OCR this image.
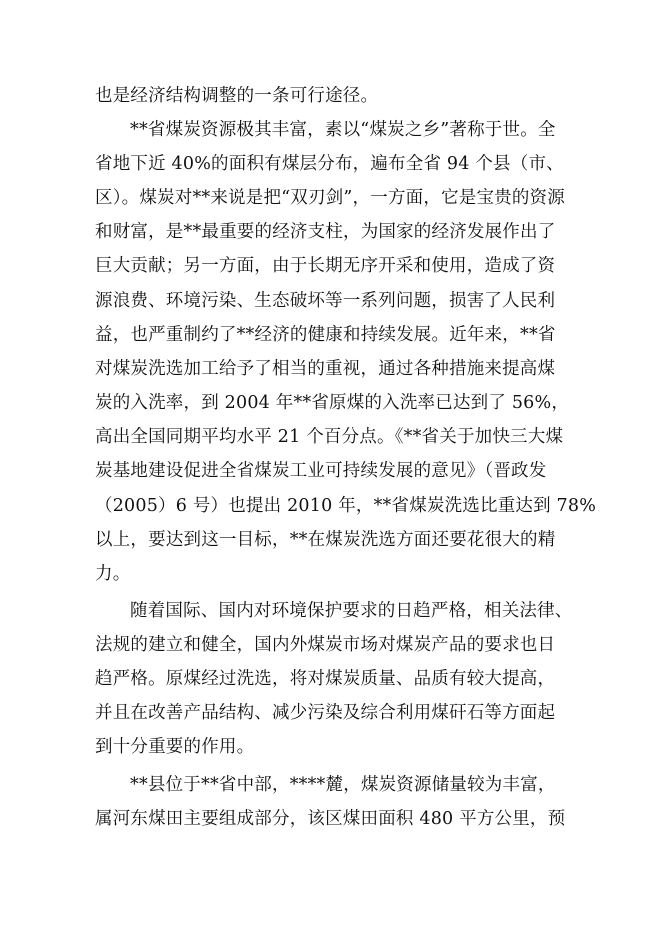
也是经济结构调整的一条可行途径。
**省煤炭资源极其丰富，素以“煤炭之乡”著称于世。全
省地下近 40%的面积有煤层分布，遍布全省 94 个县（市、
区）。煤炭对**来说是把“双刃剑”，一方面，它是宝贵的资源
和财富，是**最重要的经济支柱，为国家的经济发展作出了
巨大贡献；另一方面，由于长期无序开采和使用，造成了资
源浪费、环境污染、生态破坏等一系列问题，损害了人民利
益，也严重制约了**经济的健康和持续发展。近年来，**省
对煤炭洗选加工给予了相当的重视，通过各种措施来提高煤
炭的入洗率，到 2004 年**省原煤的入洗率已达到了 56%，
高出全国同期平均水平 21 个百分点。《**省关于加快三大煤
炭基地建设促进全省煤炭工业可持续发展的意见》（晋政发
（2005）6 号）也提出 2010 年，**省煤炭洗选比重达到 78%
以上，要达到这一目标，**在煤炭洗选方面还要花很大的精
力。
随着国际、国内对环境保护要求的日趋严格，相关法律、
法规的建立和健全，国内外煤炭市场对煤炭产品的要求也日
趋严格。原煤经过洗选，将对煤炭质量、品质有较大提高，
并且在改善产品结构、减少污染及综合利用煤矸石等方面起
到十分重要的作用。
**县位于**省中部，****麓，煤炭资源储量较为丰富，
属河东煤田主要组成部分，该区煤田面积 480 平方公里，预
